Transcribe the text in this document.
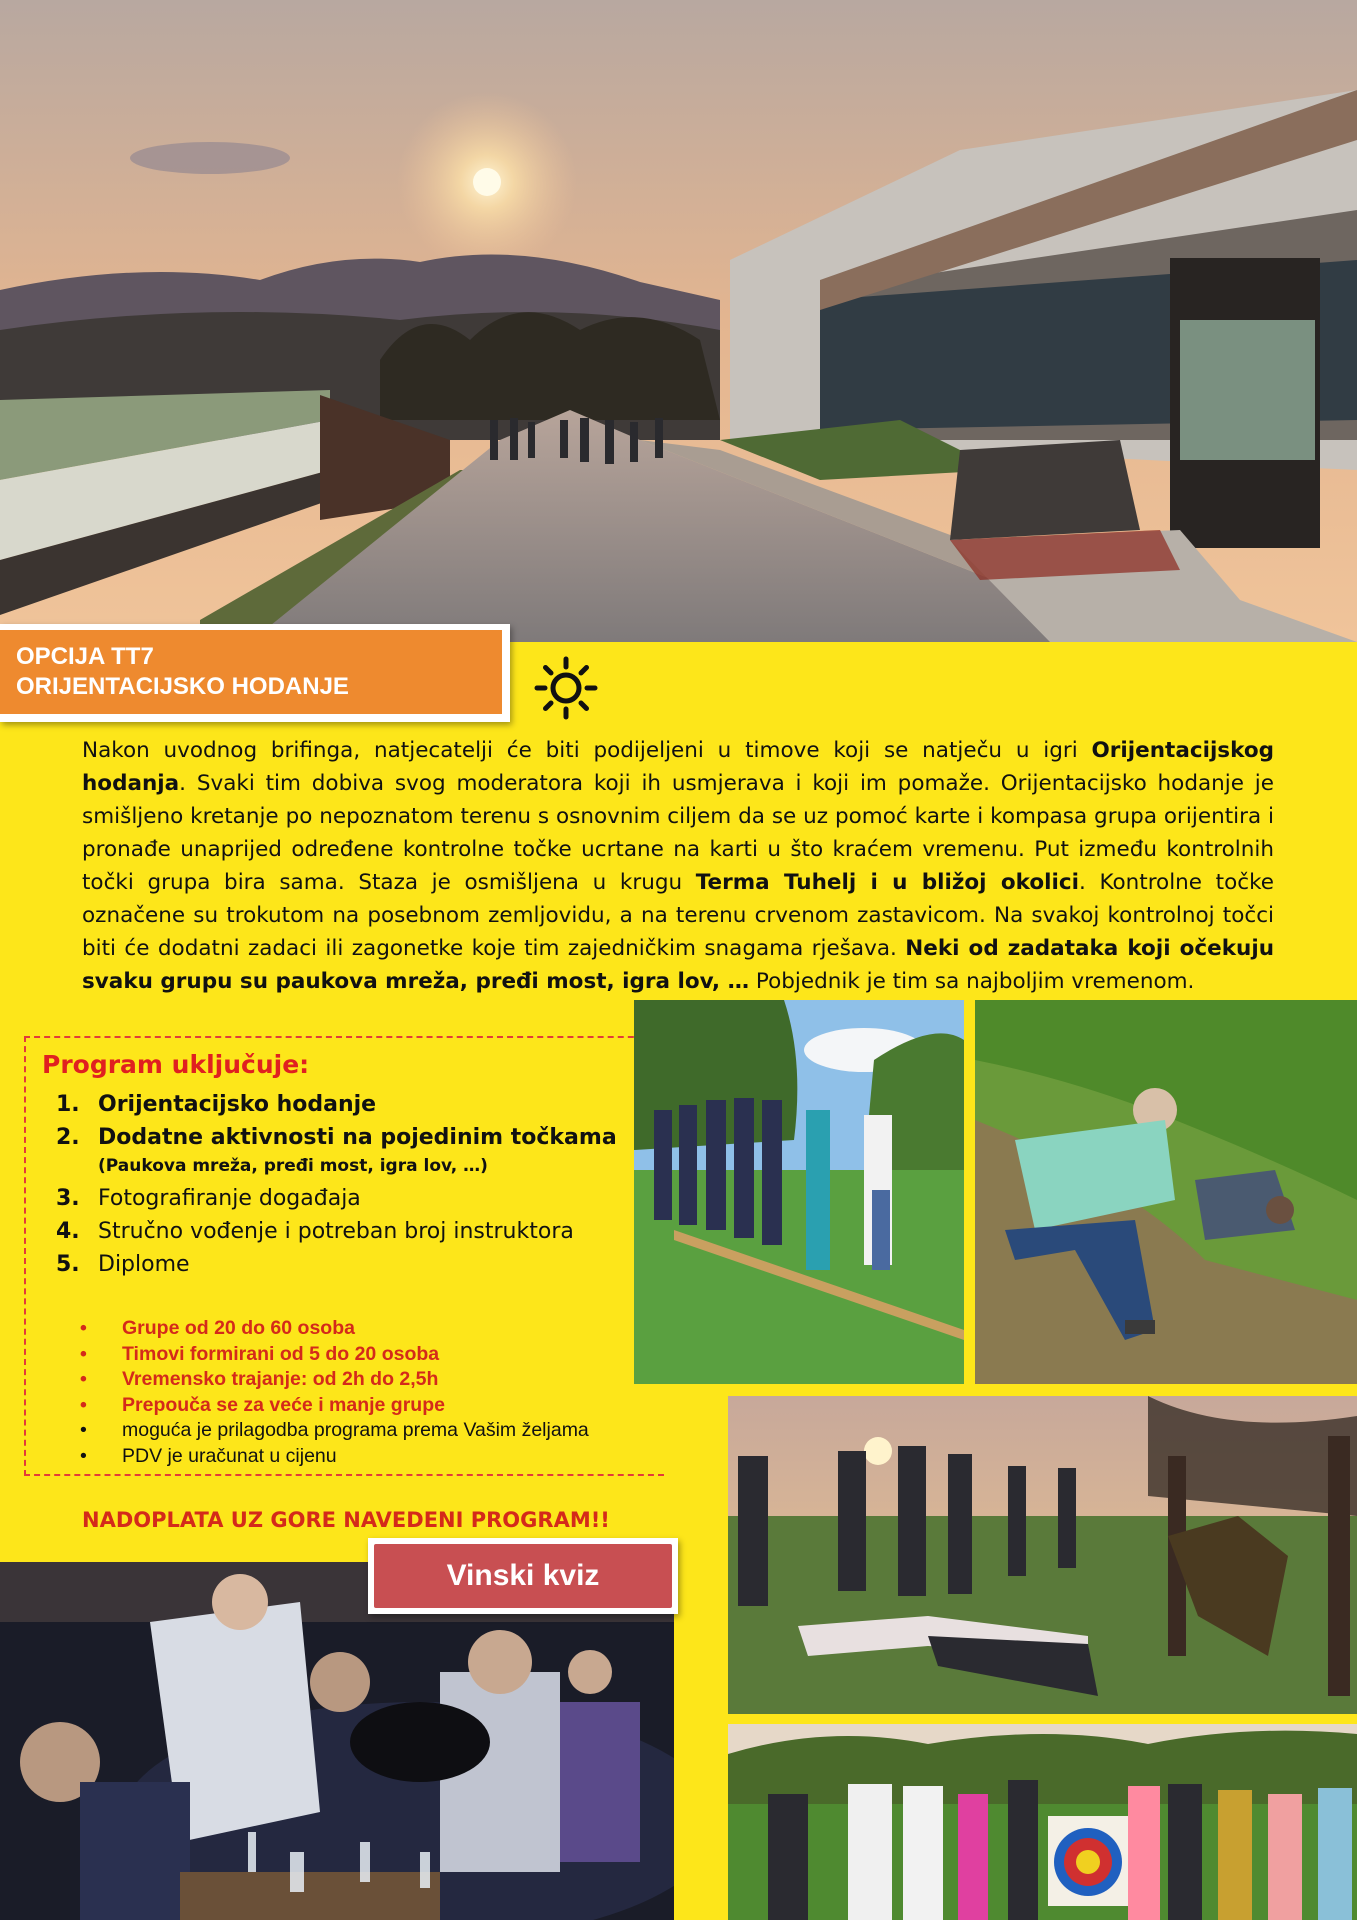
OPCIJA TT7
ORIJENTACIJSKO HODANJE

Nakon uvodnog brifinga, natjecatelji će biti podijeljeni u timove koji se natječu u igri Orijentacijskog hodanja. Svaki tim dobiva svog moderatora koji ih usmjerava i koji im pomaže. Orijentacijsko hodanje je smišljeno kretanje po nepoznatom terenu s osnovnim ciljem da se uz pomoć karte i kompasa grupa orijentira i pronađe unaprijed određene kontrolne točke ucrtane na karti u što kraćem vremenu. Put između kontrolnih točki grupa bira sama. Staza je osmišljena u krugu Terma Tuhelj i u bližoj okolici. Kontrolne točke označene su trokutom na posebnom zemljovidu, a na terenu crvenom zastavicom. Na svakoj kontrolnoj točci biti će dodatni zadaci ili zagonetke koje tim zajedničkim snagama rješava. Neki od zadataka koji očekuju svaku grupu su paukova mreža, pređi most, igra lov, … Pobjednik je tim sa najboljim vremenom.

Program uključuje:
1. Orijentacijsko hodanje
2. Dodatne aktivnosti na pojedinim točkama
(Paukova mreža, pređi most, igra lov, …)
3. Fotografiranje događaja
4. Stručno vođenje i potreban broj instruktora
5. Diplome
• Grupe od 20 do 60 osoba
• Timovi formirani od 5 do 20 osoba
• Vremensko trajanje: od 2h do 2,5h
• Prepouča se za veće i manje grupe
• moguća je prilagodba programa prema Vašim željama
• PDV je uračunat u cijenu
NADOPLATA UZ GORE NAVEDENI PROGRAM!!
Vinski kviz
